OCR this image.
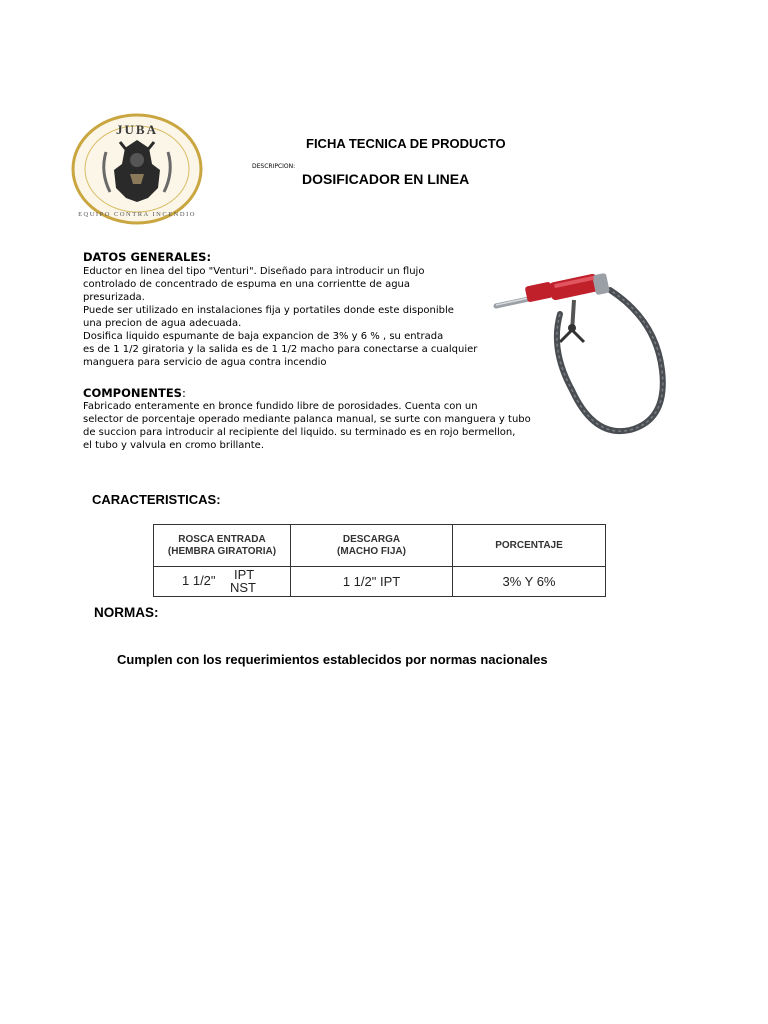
JUBA
EQUIPO CONTRA INCENDIO
FICHA TECNICA DE PRODUCTO
DESCRIPCION:
DOSIFICADOR EN LINEA
DATOS GENERALES:
Eductor en linea del tipo "Venturi". Diseñado para introducir un flujo
controlado de concentrado de espuma en una corrientte de agua
presurizada.
Puede ser utilizado en instalaciones fija y portatiles donde este disponible
una precion de agua adecuada.
Dosifica liquido espumante de baja expancion de 3% y 6 % , su entrada
es de 1 1/2 giratoria y la salida es de 1 1/2 macho para conectarse a cualquier
manguera para servicio de agua contra incendio
COMPONENTES:
Fabricado enteramente en bronce fundido libre de porosidades. Cuenta con un
selector de porcentaje operado mediante palanca manual, se surte con manguera y tubo
de succion para introducir al recipiente del liquido. su terminado es en rojo bermellon,
el tubo y valvula en cromo brillante.
CARACTERISTICAS:
ROSCA ENTRADA
(HEMBRA GIRATORIA)
DESCARGA
(MACHO FIJA)
PORCENTAJE
1 1/2" IPT
NST	1 1/2" IPT	3% Y 6%
NORMAS:
Cumplen con los requerimientos establecidos por normas nacionales
